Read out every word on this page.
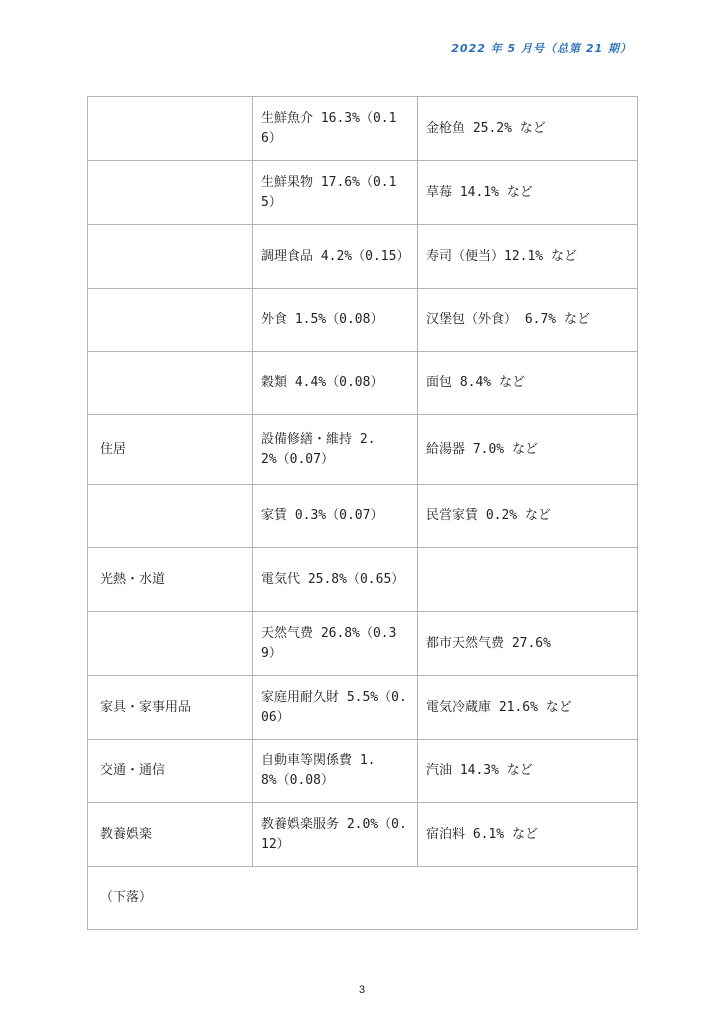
2022 年 5 月号（总第 21 期）
	生鮮魚介 16.3%（0.16）	金枪鱼 25.2% など
	生鮮果物 17.6%（0.15）	草莓 14.1% など
	調理食品 4.2%（0.15）	寿司（便当）12.1% など
	外食 1.5%（0.08）	汉堡包（外食） 6.7% など
	穀類 4.4%（0.08）	面包 8.4% など
住居	設備修繕・維持 2.2%（0.07）	給湯器 7.0% など
	家賃 0.3%（0.07）	民営家賃 0.2% など
光熱・水道	電気代 25.8%（0.65）	
	天然气费 26.8%（0.39）	都市天然气费 27.6%
家具・家事用品	家庭用耐久財 5.5%（0.06）	電気冷蔵庫 21.6% など
交通・通信	自動車等関係費 1.8%（0.08）	汽油 14.3% など
教養娯楽	教養娯楽服务 2.0%（0.12）	宿泊料 6.1% など
（下落）		
3
